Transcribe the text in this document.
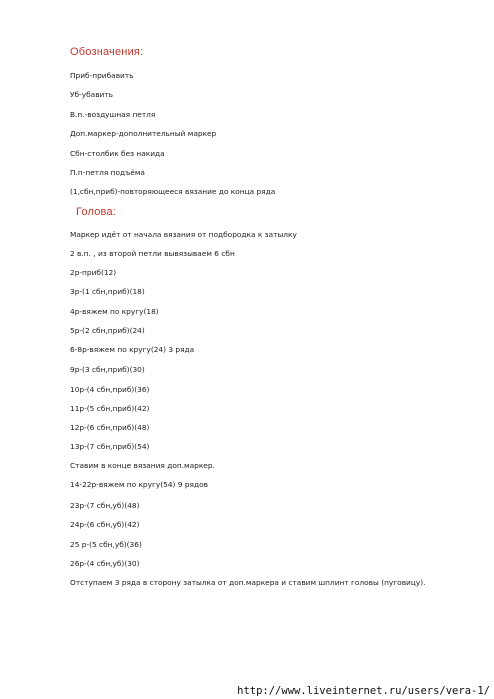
Обозначения:

Приб-прибавить

Уб-убавить

В.п.-воздушная петля

Доп.маркер-дополнительный маркер

Сбн-столбик без накида

П.п-петля подъёма

(1,сбн,приб)-повторяющееся вязание до конца ряда

Голова:

Маркер идёт от начала вязания от подбородка к затылку

2 в.п. , из второй петли вывязываем 6 сбн

2р-приб(12)

3р-(1 сбн,приб)(18)

4р-вяжем по кругу(18)

5р-(2 сбн,приб)(24)

6-8р-вяжем по кругу(24) 3 ряда

9р-(3 сбн,приб)(30)

10р-(4 сбн,приб)(36)

11р-(5 сбн,приб)(42)

12р-(6 сбн,приб)(48)

13р-(7 сбн,приб)(54)

Ставим в конце вязания доп.маркер.

14-22р-вяжем по кругу(54) 9 рядов

23р-(7 сбн,уб)(48)

24р-(6 сбн,уб)(42)

25 р-(5 сбн,уб)(36)

26р-(4 сбн,уб)(30)

Отступаем 3 ряда в сторону затылка от доп.маркера и ставим шплинт головы (пуговицу).

http://www.liveinternet.ru/users/vera-1/
